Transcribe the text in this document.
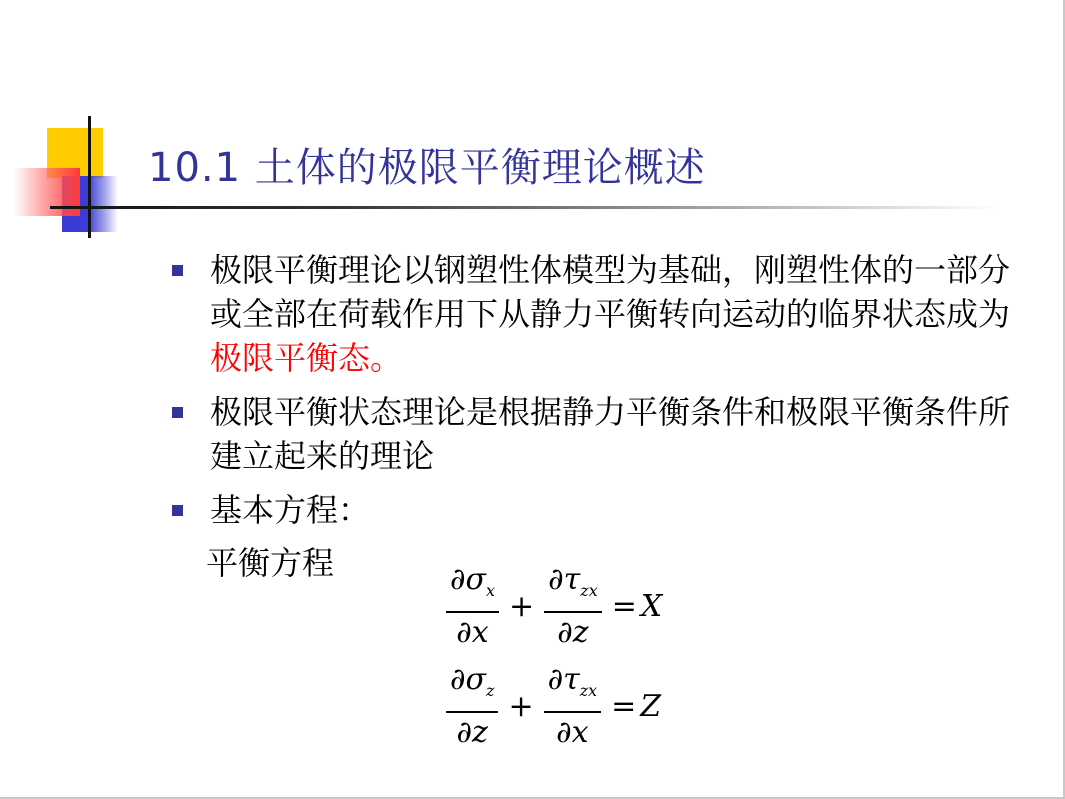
10.1 土体的极限平衡理论概述
极限平衡理论以钢塑性体模型为基础，刚塑性体的一部分或全部在荷载作用下从静力平衡转向运动的临界状态成为极限平衡态。
极限平衡状态理论是根据静力平衡条件和极限平衡条件所建立起来的理论
基本方程：
平衡方程	$\frac{\partial\sigma_x}{\partial x} + \frac{\partial\tau_{zx}}{\partial z} = X$
$\frac{\partial\sigma_z}{\partial z} + \frac{\partial\tau_{zx}}{\partial x} = Z$
